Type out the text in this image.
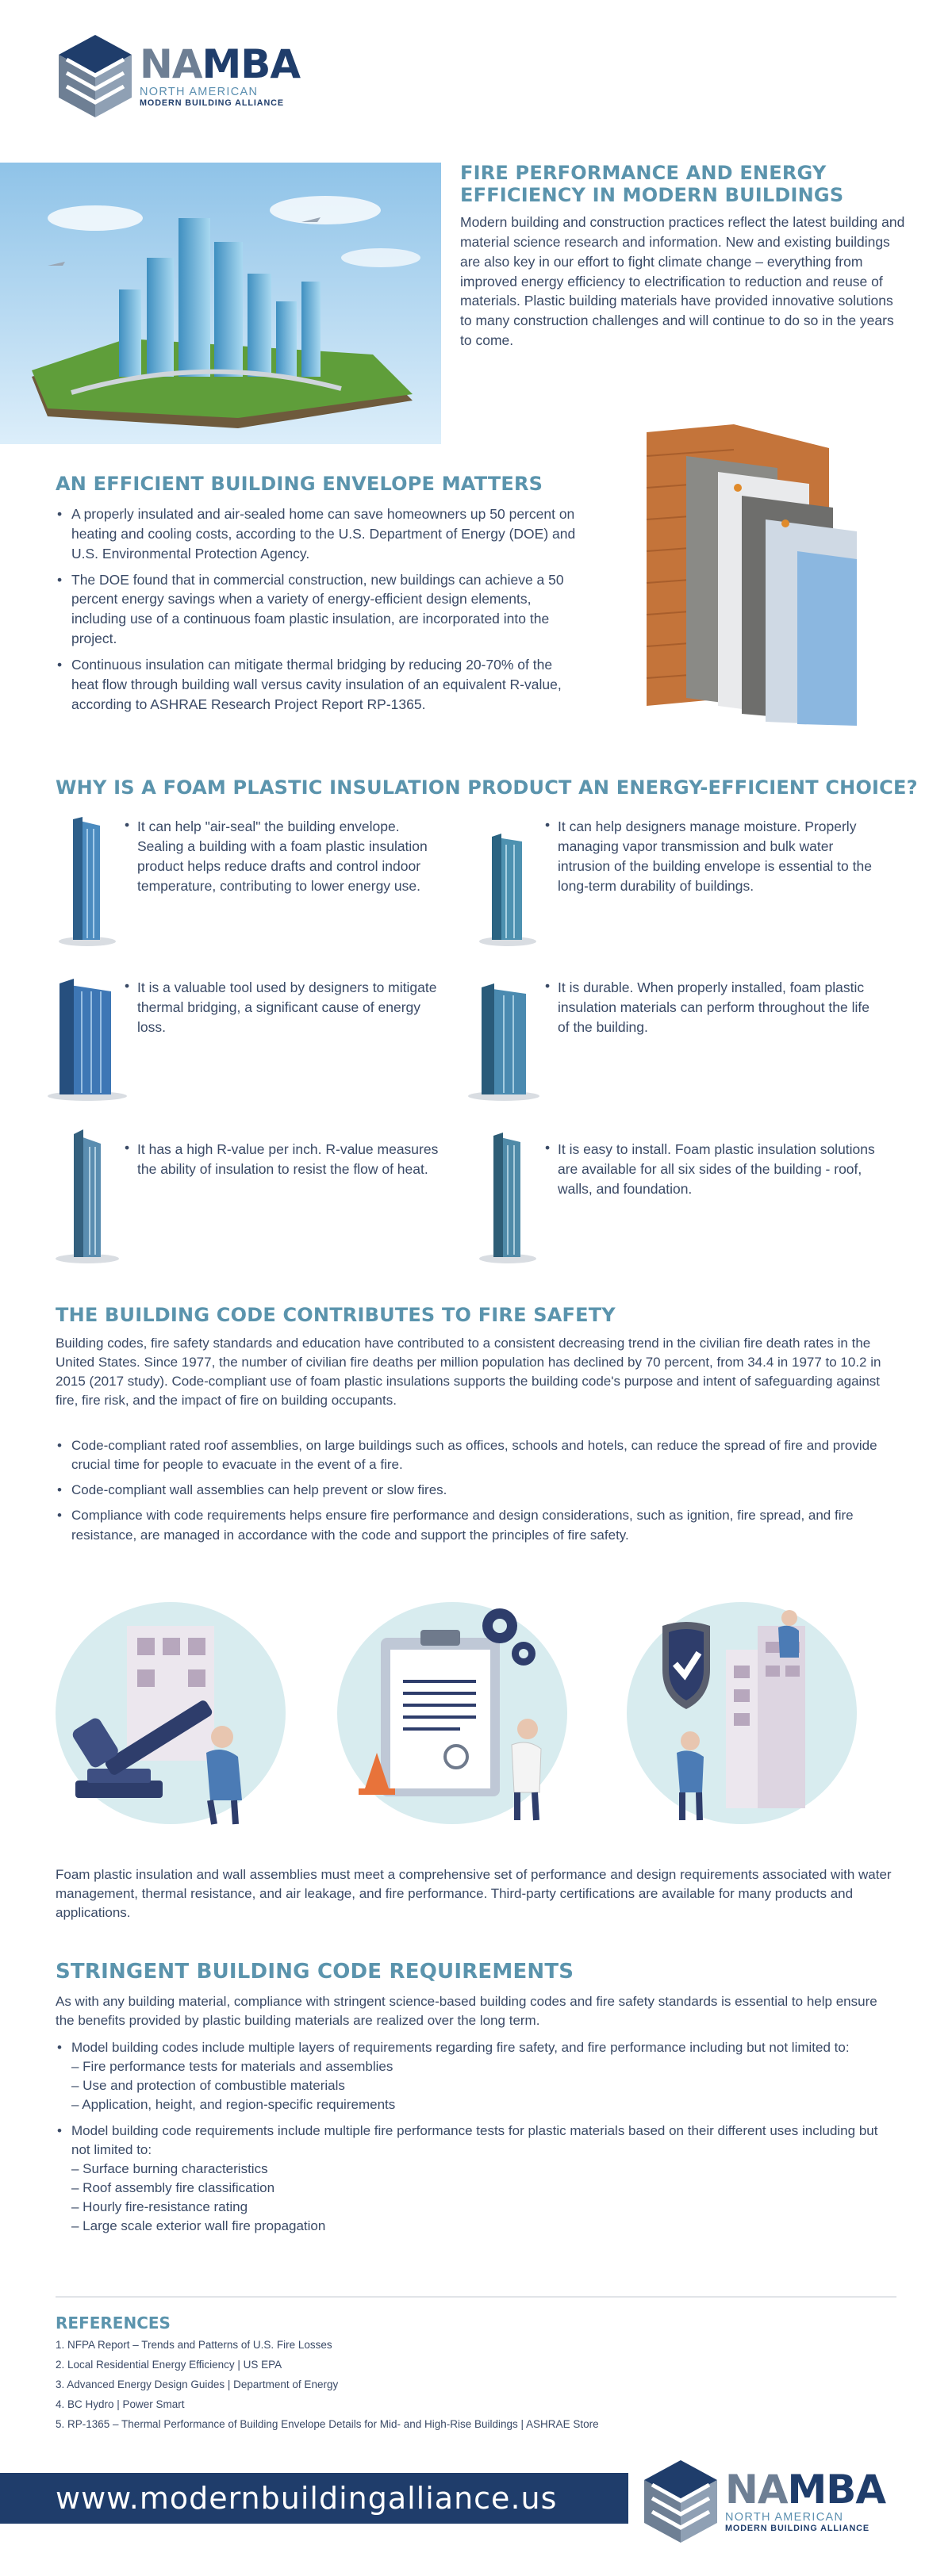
NAMBA
NORTH AMERICAN
MODERN BUILDING ALLIANCE
FIRE PERFORMANCE AND ENERGY
EFFICIENCY IN MODERN BUILDINGS

Modern building and construction practices reflect the latest building and material science research and information. New and existing buildings are also key in our effort to fight climate change – everything from improved energy efficiency to electrification to reduction and reuse of materials. Plastic building materials have provided innovative solutions to many construction challenges and will continue to do so in the years to come.

AN EFFICIENT BUILDING ENVELOPE MATTERS
• A properly insulated and air-sealed home can save homeowners up 50 percent on heating and cooling costs, according to the U.S. Department of Energy (DOE) and U.S. Environmental Protection Agency.
• The DOE found that in commercial construction, new buildings can achieve a 50 percent energy savings when a variety of energy-efficient design elements, including use of a continuous foam plastic insulation, are incorporated into the project.
• Continuous insulation can mitigate thermal bridging by reducing 20-70% of the heat flow through building wall versus cavity insulation of an equivalent R-value, according to ASHRAE Research Project Report RP-1365.
WHY IS A FOAM PLASTIC INSULATION PRODUCT AN ENERGY-EFFICIENT CHOICE?

It can help "air-seal" the building envelope. Sealing a building with a foam plastic insulation product helps reduce drafts and control indoor temperature, contributing to lower energy use.

It can help designers manage moisture. Properly managing vapor transmission and bulk water intrusion of the building envelope is essential to the long-term durability of buildings.

It is a valuable tool used by designers to mitigate thermal bridging, a significant cause of energy loss.

It is durable. When properly installed, foam plastic insulation materials can perform throughout the life of the building.

It has a high R-value per inch. R-value measures the ability of insulation to resist the flow of heat.

It is easy to install. Foam plastic insulation solutions are available for all six sides of the building - roof, walls, and foundation.

•	•
•	•
•	•
THE BUILDING CODE CONTRIBUTES TO FIRE SAFETY

Building codes, fire safety standards and education have contributed to a consistent decreasing trend in the civilian fire death rates in the United States. Since 1977, the number of civilian fire deaths per million population has declined by 70 percent, from 34.4 in 1977 to 10.2 in 2015 (2017 study). Code-compliant use of foam plastic insulations supports the building code's purpose and intent of safeguarding against fire, fire risk, and the impact of fire on building occupants.

• Code-compliant rated roof assemblies, on large buildings such as offices, schools and hotels, can reduce the spread of fire and provide crucial time for people to evacuate in the event of a fire.
• Code-compliant wall assemblies can help prevent or slow fires.
• Compliance with code requirements helps ensure fire performance and design considerations, such as ignition, fire spread, and fire resistance, are managed in accordance with the code and support the principles of fire safety.

Foam plastic insulation and wall assemblies must meet a comprehensive set of performance and design requirements associated with water management, thermal resistance, and air leakage, and fire performance. Third-party certifications are available for many products and applications.

STRINGENT BUILDING CODE REQUIREMENTS

As with any building material, compliance with stringent science-based building codes and fire safety standards is essential to help ensure the benefits provided by plastic building materials are realized over the long term.

• Model building codes include multiple layers of requirements regarding fire safety, and fire performance including but not limited to:
– Fire performance tests for materials and assemblies
– Use and protection of combustible materials
– Application, height, and region-specific requirements
• Model building code requirements include multiple fire performance tests for plastic materials based on their different uses including but not limited to:
– Surface burning characteristics
– Roof assembly fire classification
– Hourly fire-resistance rating
– Large scale exterior wall fire propagation
REFERENCES
1. NFPA Report – Trends and Patterns of U.S. Fire Losses
2. Local Residential Energy Efficiency | US EPA
3. Advanced Energy Design Guides | Department of Energy
4. BC Hydro | Power Smart
5. RP-1365 – Thermal Performance of Building Envelope Details for Mid- and High-Rise Buildings | ASHRAE Store
www.modernbuildingalliance.us	NAMBA
NORTH AMERICAN
MODERN BUILDING ALLIANCE
